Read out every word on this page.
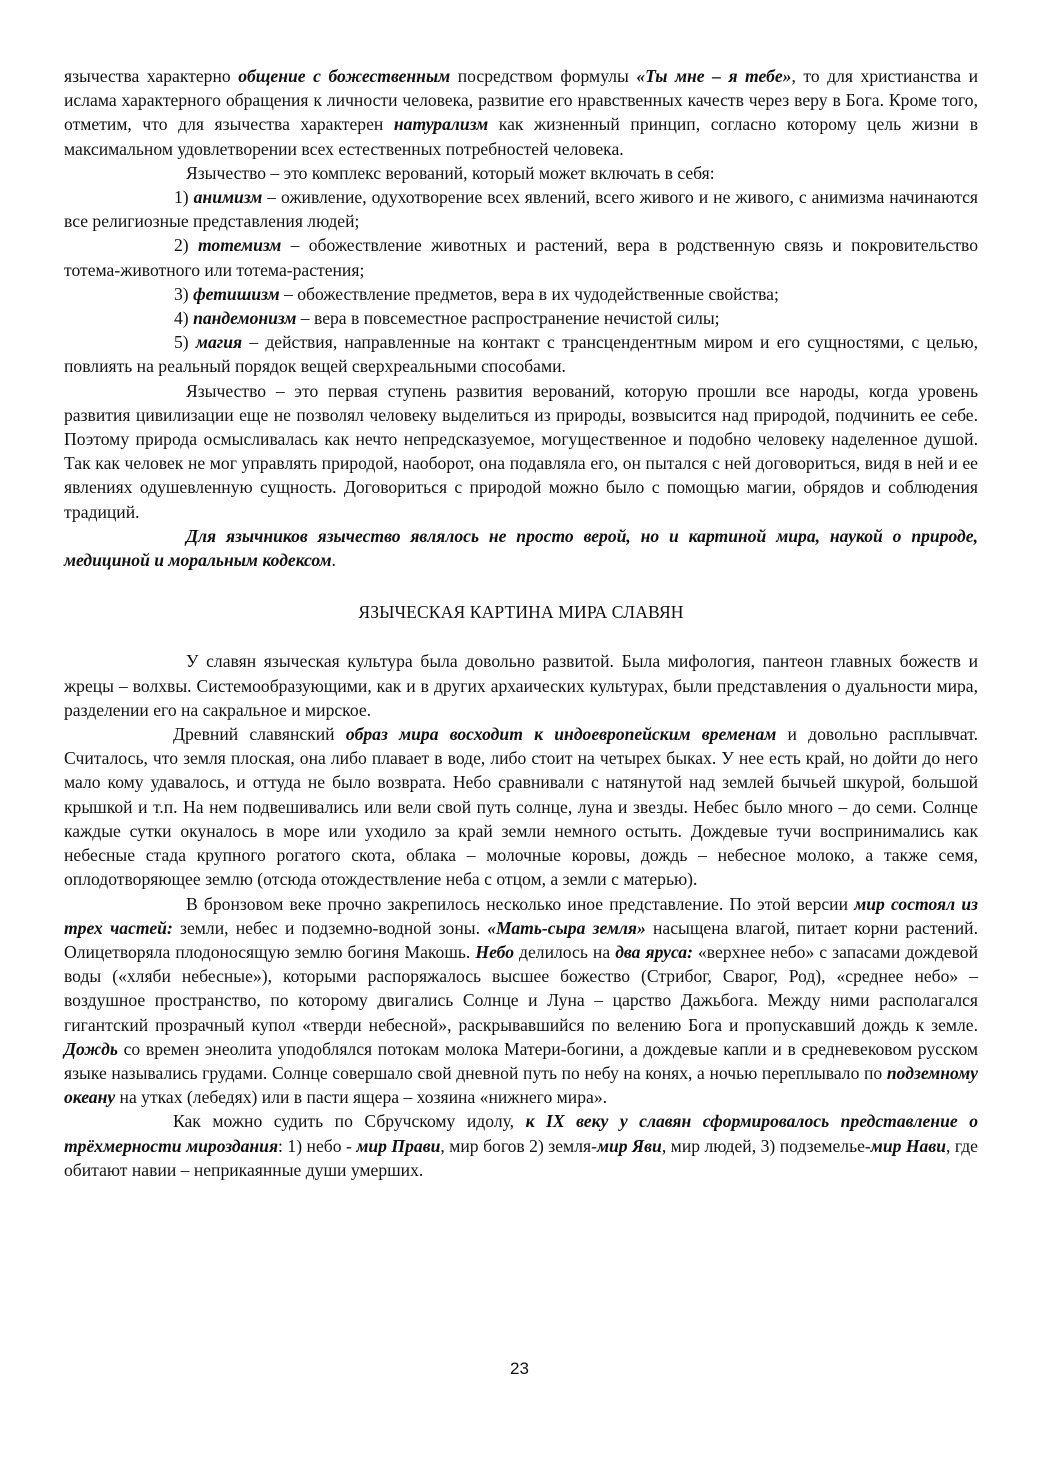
язычества характерно общение с божественным посредством формулы «Ты мне – я тебе», то для христианства и ислама характерного обращения к личности человека, развитие его нравственных качеств через веру в Бога. Кроме того, отметим, что для язычества характерен натурализм как жизненный принцип, согласно которому цель жизни в максимальном удовлетворении всех естественных потребностей человека.

Язычество – это комплекс верований, который может включать в себя:

1) анимизм – оживление, одухотворение всех явлений, всего живого и не живого, с анимизма начинаются все религиозные представления людей;

2) тотемизм – обожествление животных и растений, вера в родственную связь и покровительство тотема-животного или тотема-растения;

3) фетишизм – обожествление предметов, вера в их чудодейственные свойства;

4) пандемонизм – вера в повсеместное распространение нечистой силы;

5) магия – действия, направленные на контакт с трансцендентным миром и его сущностями, с целью, повлиять на реальный порядок вещей сверхреальными способами.

Язычество – это первая ступень развития верований, которую прошли все народы, когда уровень развития цивилизации еще не позволял человеку выделиться из природы, возвысится над природой, подчинить ее себе. Поэтому природа осмысливалась как нечто непредсказуемое, могущественное и подобно человеку наделенное душой. Так как человек не мог управлять природой, наоборот, она подавляла его, он пытался с ней договориться, видя в ней и ее явлениях одушевленную сущность. Договориться с природой можно было с помощью магии, обрядов и соблюдения традиций.

Для язычников язычество являлось не просто верой, но и картиной мира, наукой о природе, медициной и моральным кодексом.

ЯЗЫЧЕСКАЯ КАРТИНА МИРА СЛАВЯН

У славян языческая культура была довольно развитой. Была мифология, пантеон главных божеств и жрецы – волхвы. Системообразующими, как и в других архаических культурах, были представления о дуальности мира, разделении его на сакральное и мирское.

Древний славянский образ мира восходит к индоевропейским временам и довольно расплывчат. Считалось, что земля плоская, она либо плавает в воде, либо стоит на четырех быках. У нее есть край, но дойти до него мало кому удавалось, и оттуда не было возврата. Небо сравнивали с натянутой над землей бычьей шкурой, большой крышкой и т.п. На нем подвешивались или вели свой путь солнце, луна и звезды. Небес было много – до семи. Солнце каждые сутки окуналось в море или уходило за край земли немного остыть. Дождевые тучи воспринимались как небесные стада крупного рогатого скота, облака – молочные коровы, дождь – небесное молоко, а также семя, оплодотворяющее землю (отсюда отождествление неба с отцом, а земли с матерью).

В бронзовом веке прочно закрепилось несколько иное представление. По этой версии мир состоял из трех частей: земли, небес и подземно-водной зоны. «Мать-сыра земля» насыщена влагой, питает корни растений. Олицетворяла плодоносящую землю богиня Макошь. Небо делилось на два яруса: «верхнее небо» с запасами дождевой воды («хляби небесные»), которыми распоряжалось высшее божество (Стрибог, Сварог, Род), «среднее небо» – воздушное пространство, по которому двигались Солнце и Луна – царство Дажьбога. Между ними располагался гигантский прозрачный купол «тверди небесной», раскрывавшийся по велению Бога и пропускавший дождь к земле. Дождь со времен энеолита уподоблялся потокам молока Матери-богини, а дождевые капли и в средневековом русском языке назывались грудами. Солнце совершало свой дневной путь по небу на конях, а ночью переплывало по подземному океану на утках (лебедях) или в пасти ящера – хозяина «нижнего мира».

Как можно судить по Сбручскому идолу, к IX веку у славян сформировалось представление о трёхмерности мироздания: 1) небо - мир Прави, мир богов 2) земля-мир Яви, мир людей, 3) подземелье-мир Нави, где обитают навии – неприкаянные души умерших.

23
